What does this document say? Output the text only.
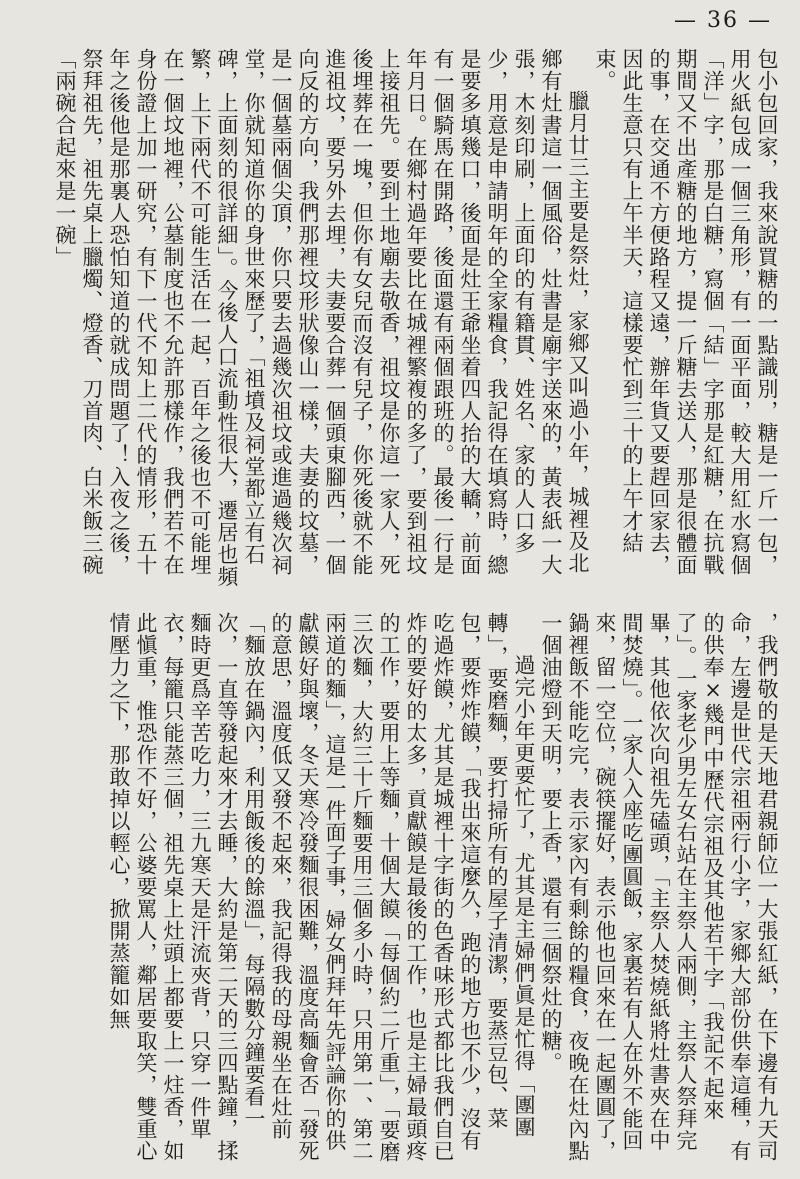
— 36 —

包小包回家，我來說買糖的一點識別，糖是一斤一包，用火紙包成一個三角形，有一面平面，較大用紅水寫個「洋」字，那是白糖，寫個「結」字那是紅糖，在抗戰期間又不出產糖的地方，提一斤糖去送人，那是很體面的事，在交通不方便路程又遠，辦年貨又要趕回家去，因此生意只有上午半天，這樣要忙到三十的上午才結束。

臘月廿三主要是祭灶，家鄉又叫過小年，城裡及北鄉有灶書這一個風俗，灶書是廟宇送來的，黃表紙一大張，木刻印刷，上面印的有籍貫、姓名、家的人口多少，用意是申請明年的全家糧食，我記得在填寫時，總是要多填幾口，後面是灶王爺坐着四人抬的大轎，前面有一個騎馬在開路，後面還有兩個跟班的。最後一行是年月日。在鄉村過年要比在城裡繁複的多了，要到祖坟上接祖先。要到土地廟去敬香，祖坟是你這一家人，死後埋葬在一塊，但你有女兒而沒有兒子，你死後就不能進祖坟，要另外去埋，夫妻要合葬一個頭東腳西，一個向反的方向，我們那裡坟形狀像山一樣，夫妻的坟墓，是一個墓兩個尖頂，你只要去過幾次祖坟或進過幾次祠堂，你就知道你的身世來歷了，「祖墳及祠堂都立有石碑，上面刻的很詳細」。今後人口流動性很大，遷居也頻繁，上下兩代不可能生活在一起，百年之後也不可能埋在一個坟地裡，公墓制度也不允許那樣作，我們若不在身份證上加一研究，有下一代不知上二代的情形，五十年之後他是那裏人恐怕知道的就成問題了！入夜之後，祭拜祖先，祖先桌上臘燭、燈香、刀首肉、白米飯三碗「兩碗合起來是一碗」

，我們敬的是天地君親師位一大張紅紙，在下邊有九天司命，左邊是世代宗祖兩行小字，家鄉大部份供奉這種，有的供奉×幾門中歷代宗祖及其他若干字「我記不起來了」。一家老少男左女右站在主祭人兩側，主祭人祭拜完畢，其他依次向祖先磕頭，「主祭人焚燒紙將灶書夾在中間焚燒」。一家人入座吃團圓飯，家裏若有人在外不能回來，留一空位，碗筷擺好，表示他也回來在一起團圓了，鍋裡飯不能吃完，表示家內有剩餘的糧食，夜晚在灶內點一個油燈到天明，要上香，還有三個祭灶的糖。

過完小年更要忙了，尤其是主婦們眞是忙得「團團轉」，要磨麵，要打掃所有的屋子清潔，要蒸豆包、菜包，要炸炸饃，「我出來這麼久，跑的地方也不少，沒有吃過炸饃，尤其是城裡十字街的色香味形式都比我們自已炸的要好的太多，貢獻饃是最後的工作，也是主婦最頭疼的工作，要用上等麵，十個大饃「每個約二斤重」，「要磨三次麵，大約三十斤麵要用三個多小時，只用第一、第二兩道的麵」，這是一件面子事，婦女們拜年先評論你的供獻饃好與壞，冬天寒冷發麵很困難，溫度高麵會否「發死的意思，溫度低又發不起來，我記得我的母親坐在灶前「麵放在鍋內，利用飯後的餘溫」，每隔數分鐘要看一次，一直等發起來才去睡，大約是第二天的三四點鐘，揉麵時更爲辛苦吃力，三九寒天是汗流夾背，只穿一件單衣，每籠只能蒸三個，祖先桌上灶頭上都要上一炷香，如此愼重，惟恐作不好，公婆要罵人，鄰居要取笑，雙重心情壓力之下，那敢掉以輕心，掀開蒸籠如無
